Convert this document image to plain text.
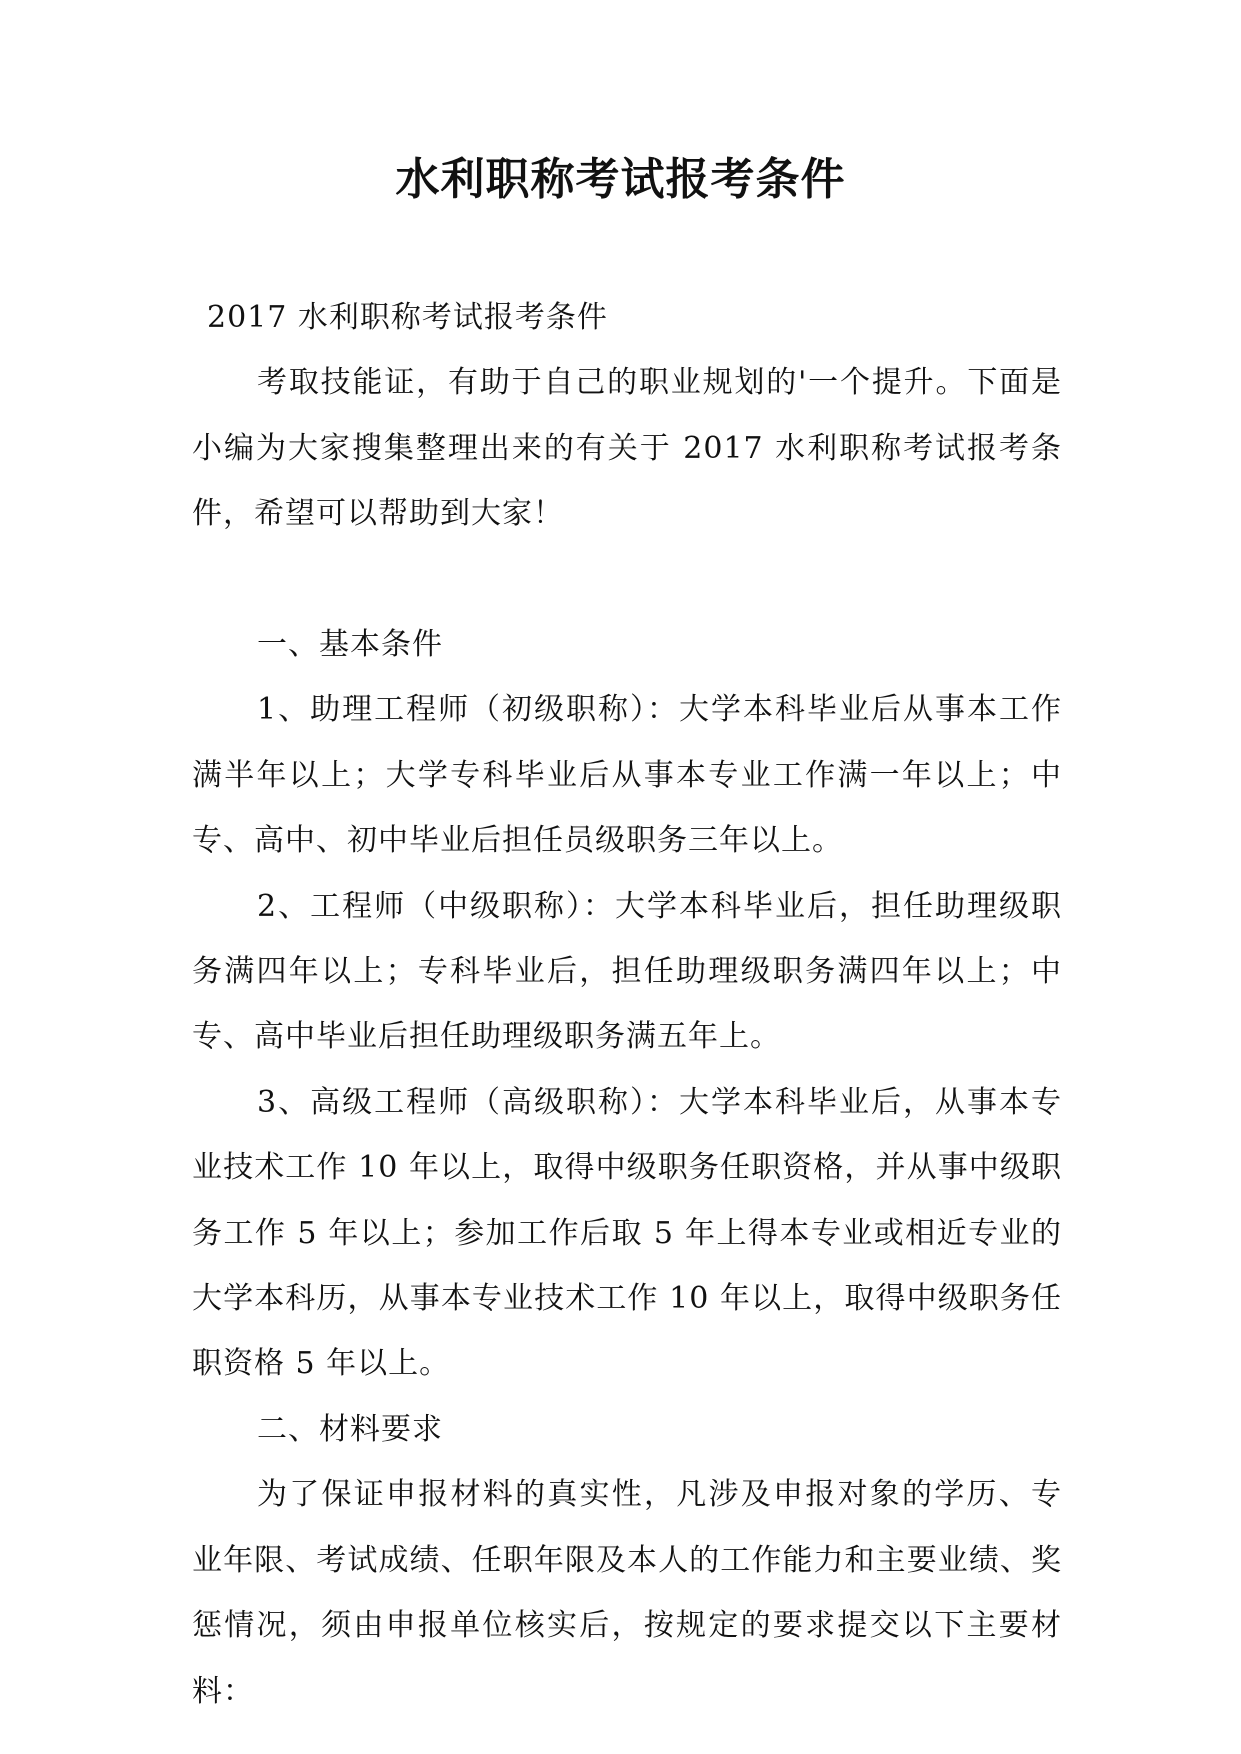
水利职称考试报考条件

2017 水利职称考试报考条件

考取技能证，有助于自己的职业规划的'一个提升。下面是小编为大家搜集整理出来的有关于 2017 水利职称考试报考条件，希望可以帮助到大家！

一、基本条件

1、助理工程师（初级职称）：大学本科毕业后从事本工作满半年以上；大学专科毕业后从事本专业工作满一年以上；中专、高中、初中毕业后担任员级职务三年以上。

2、工程师（中级职称）：大学本科毕业后，担任助理级职务满四年以上；专科毕业后，担任助理级职务满四年以上；中专、高中毕业后担任助理级职务满五年上。

3、高级工程师（高级职称）：大学本科毕业后，从事本专业技术工作 10 年以上，取得中级职务任职资格，并从事中级职务工作 5 年以上；参加工作后取 5 年上得本专业或相近专业的大学本科历，从事本专业技术工作 10 年以上，取得中级职务任职资格 5 年以上。

二、材料要求

为了保证申报材料的真实性，凡涉及申报对象的学历、专业年限、考试成绩、任职年限及本人的工作能力和主要业绩、奖惩情况，须由申报单位核实后，按规定的要求提交以下主要材料：
